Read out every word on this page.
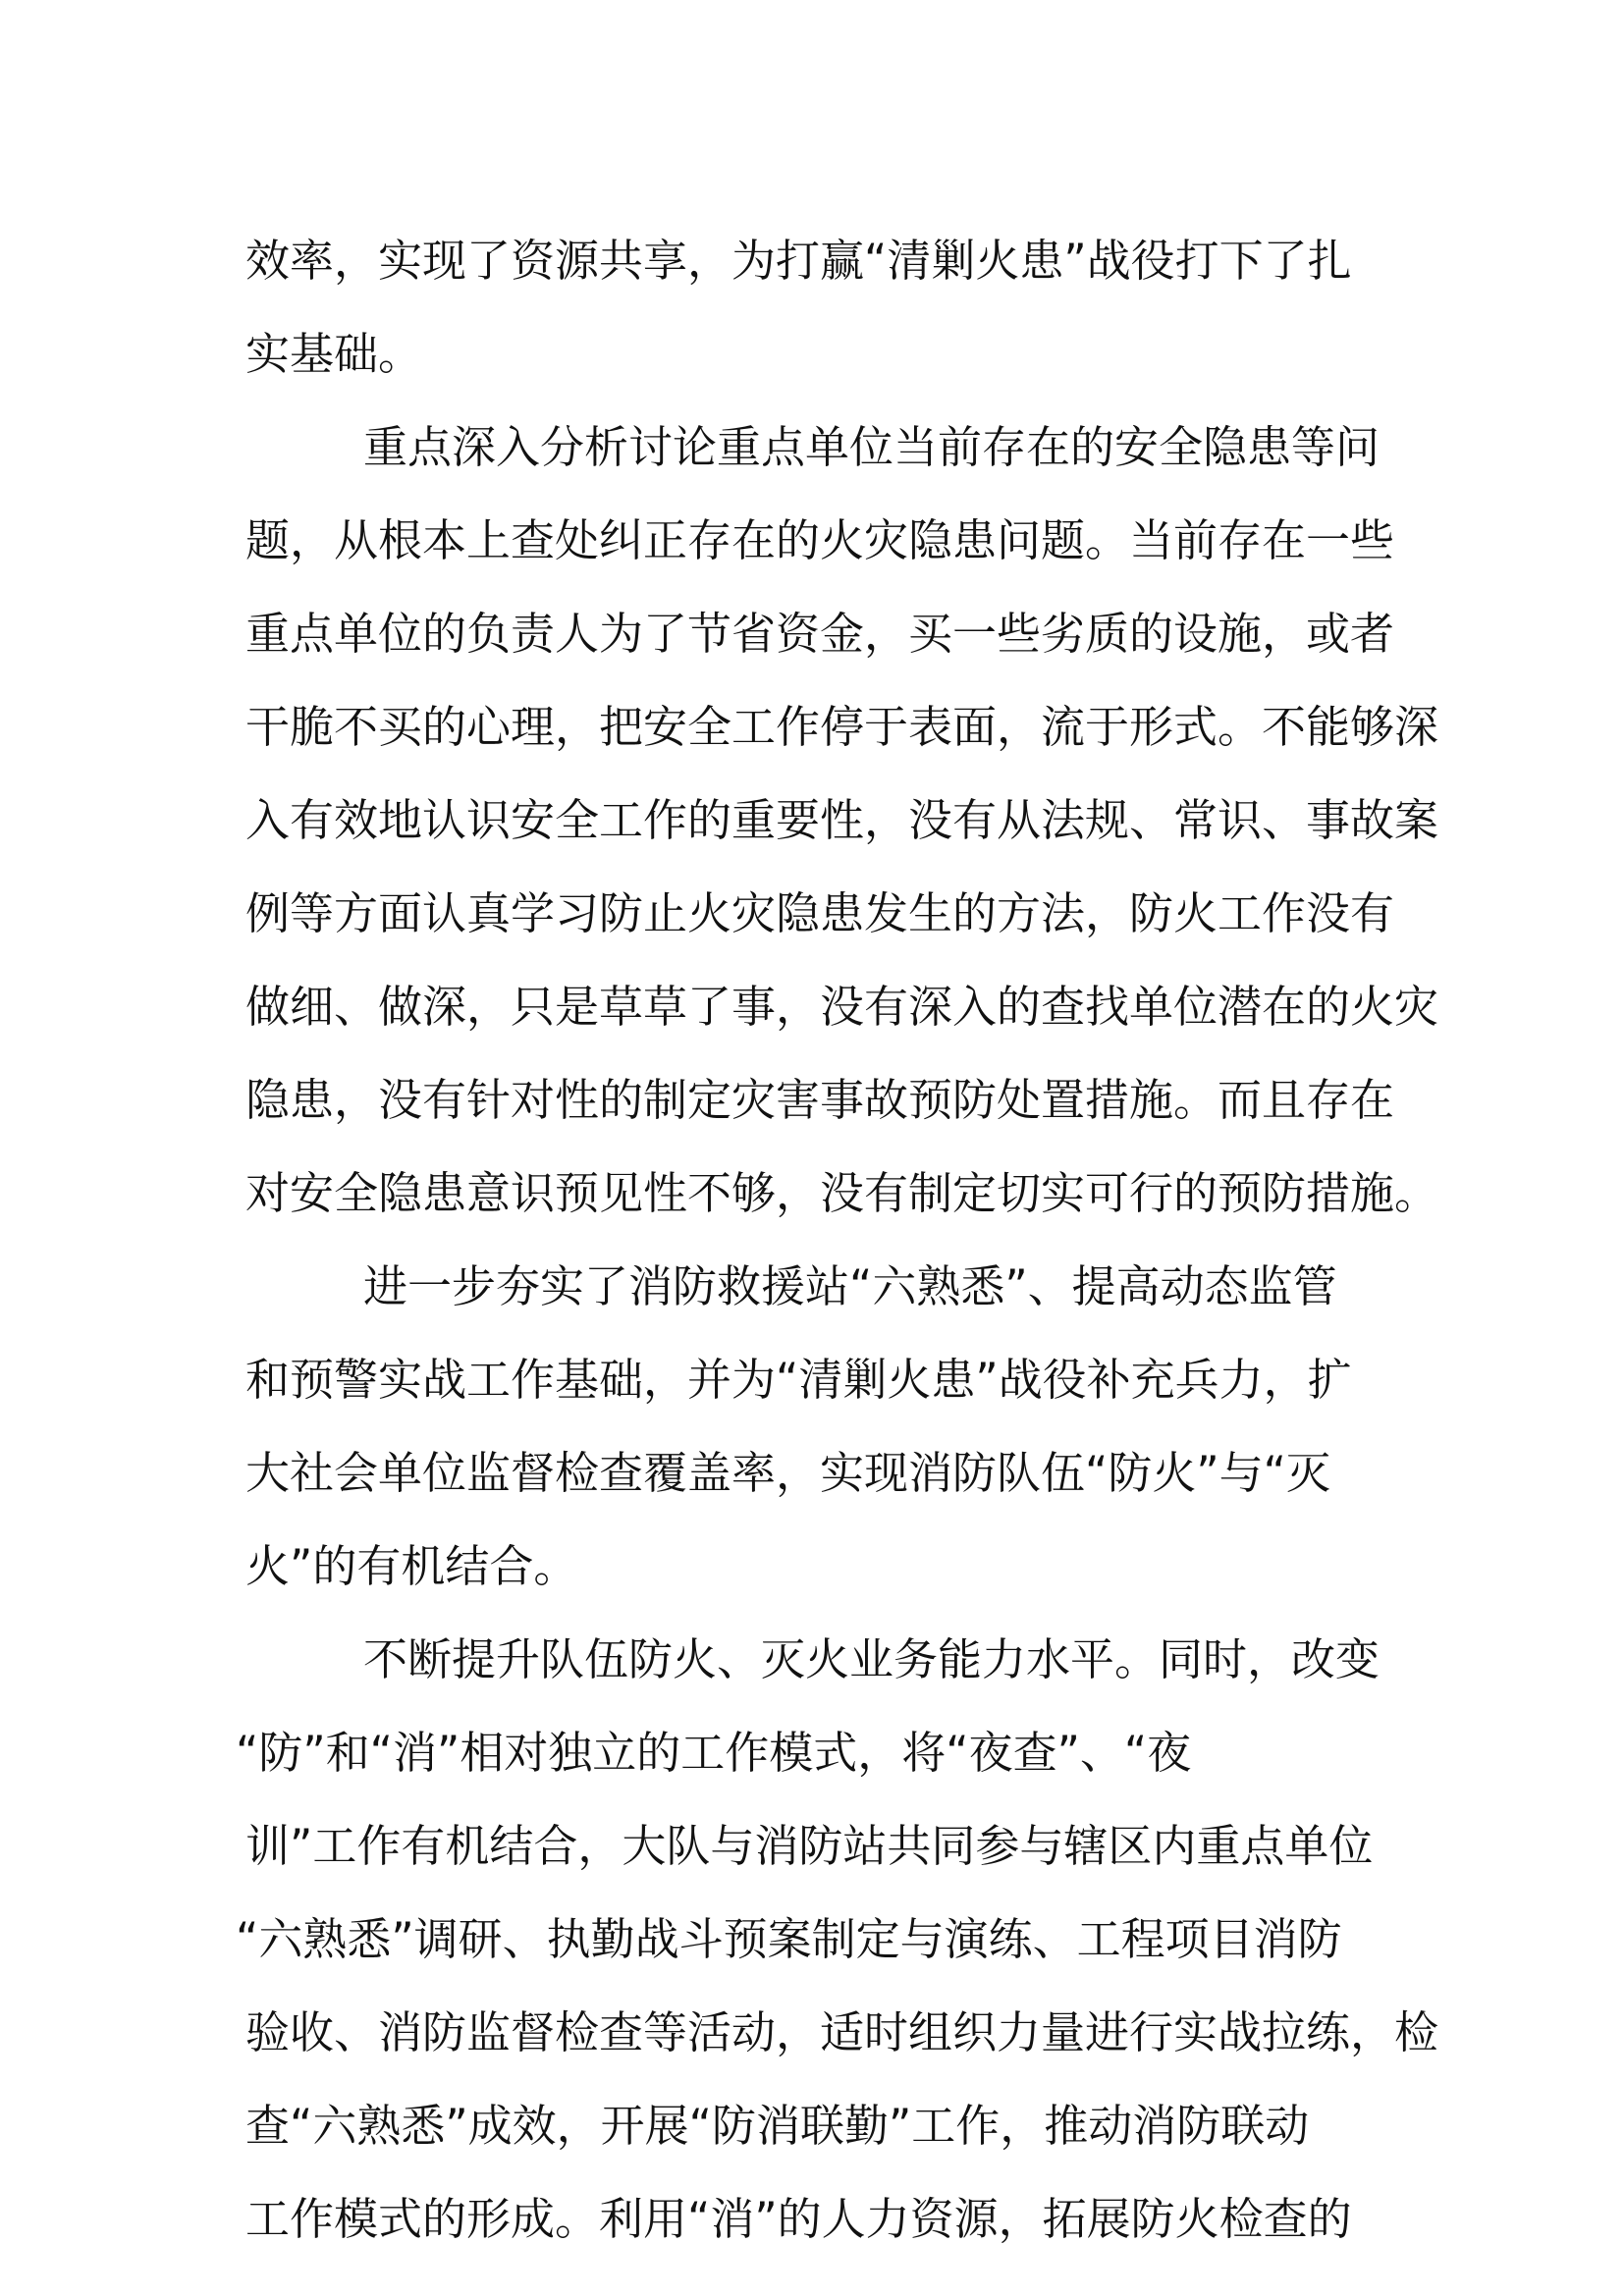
效率，实现了资源共享，为打赢“清剿火患”战役打下了扎
实基础。
重点深入分析讨论重点单位当前存在的安全隐患等问
题，从根本上查处纠正存在的火灾隐患问题。当前存在一些
重点单位的负责人为了节省资金，买一些劣质的设施，或者
干脆不买的心理，把安全工作停于表面，流于形式。不能够深
入有效地认识安全工作的重要性，没有从法规、常识、事故案
例等方面认真学习防止火灾隐患发生的方法，防火工作没有
做细、做深，只是草草了事，没有深入的查找单位潜在的火灾
隐患，没有针对性的制定灾害事故预防处置措施。而且存在
对安全隐患意识预见性不够，没有制定切实可行的预防措施。
进一步夯实了消防救援站“六熟悉”、提高动态监管
和预警实战工作基础，并为“清剿火患”战役补充兵力，扩
大社会单位监督检查覆盖率，实现消防队伍“防火”与“灭
火”的有机结合。
不断提升队伍防火、灭火业务能力水平。同时，改变
“防”和“消”相对独立的工作模式，将“夜查”、“夜
训”工作有机结合，大队与消防站共同参与辖区内重点单位
“六熟悉”调研、执勤战斗预案制定与演练、工程项目消防
验收、消防监督检查等活动，适时组织力量进行实战拉练，检
查“六熟悉”成效，开展“防消联勤”工作，推动消防联动
工作模式的形成。利用“消”的人力资源，拓展防火检查的
